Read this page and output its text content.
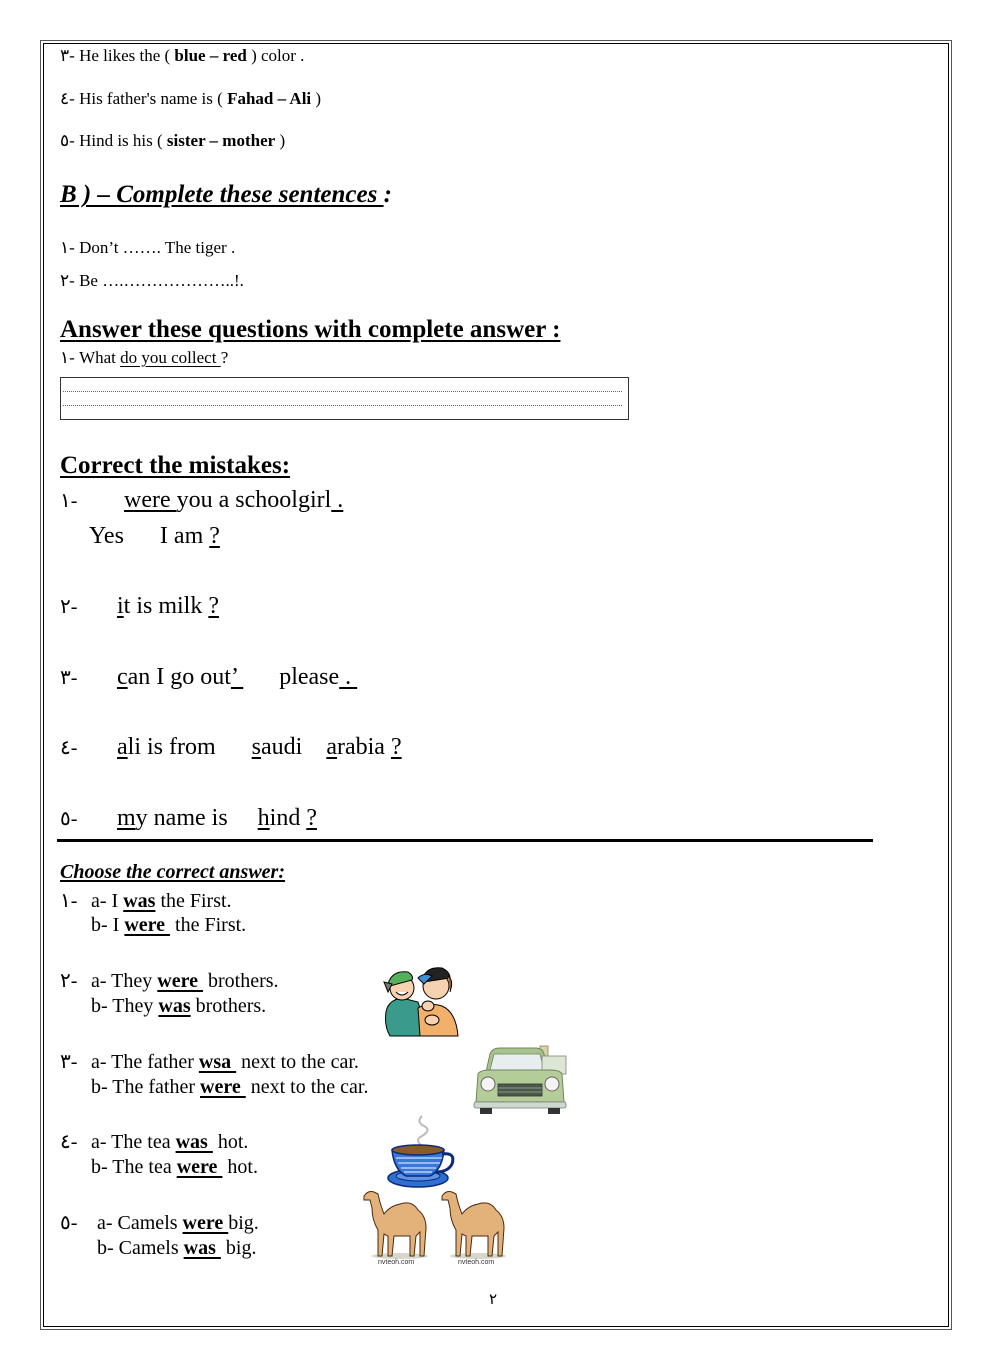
٣- He likes the ( blue – red ) color .
٤- His father's name is ( Fahad – Ali )
٥- Hind is his ( sister – mother )
B ) – Complete these sentences :
١- Don’t ……. The tiger .
٢- Be ….………………..!.
Answer these questions with complete answer :
١- What do you collect ?
Correct the mistakes:
١- were you a schoolgirl .
Yes      I am ?
٢- it is milk ?
٣- can I go out’       please .
٤- ali is from      saudi    arabia ?
٥- my name is     hind ?
Choose the correct answer:
١- a- I was the First.
b- I were  the First.
٢- a- They were  brothers.
b- They was brothers.
٣- a- The father wsa  next to the car.
b- The father were  next to the car.
٤- a- The tea was  hot.
b- The tea were  hot.
٥- a- Camels were big.
b- Camels was  big.
nvteoh.com	nvteoh.com
٢
